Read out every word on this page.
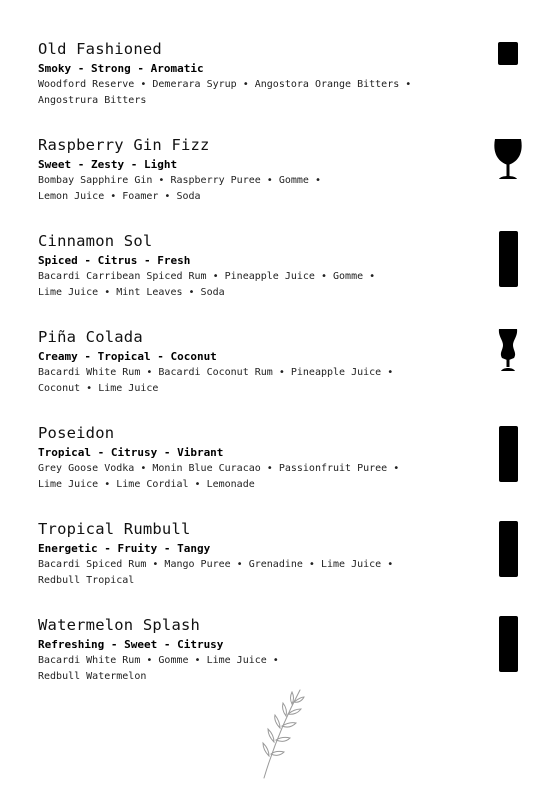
Old Fashioned
Smoky - Strong - Aromatic
Woodford Reserve • Demerara Syrup • Angostora Orange Bitters •
Angostrura Bitters
Raspberry Gin Fizz
Sweet - Zesty - Light
Bombay Sapphire Gin • Raspberry Puree • Gomme •
Lemon Juice • Foamer • Soda
Cinnamon Sol
Spiced - Citrus - Fresh
Bacardi Carribean Spiced Rum • Pineapple Juice • Gomme •
Lime Juice • Mint Leaves • Soda
Piña Colada
Creamy - Tropical - Coconut
Bacardi White Rum • Bacardi Coconut Rum • Pineapple Juice •
Coconut • Lime Juice
Poseidon
Tropical - Citrusy - Vibrant
Grey Goose Vodka • Monin Blue Curacao • Passionfruit Puree •
Lime Juice • Lime Cordial • Lemonade
Tropical Rumbull
Energetic - Fruity - Tangy
Bacardi Spiced Rum • Mango Puree • Grenadine • Lime Juice •
Redbull Tropical
Watermelon Splash
Refreshing - Sweet - Citrusy
Bacardi White Rum • Gomme • Lime Juice •
Redbull Watermelon
